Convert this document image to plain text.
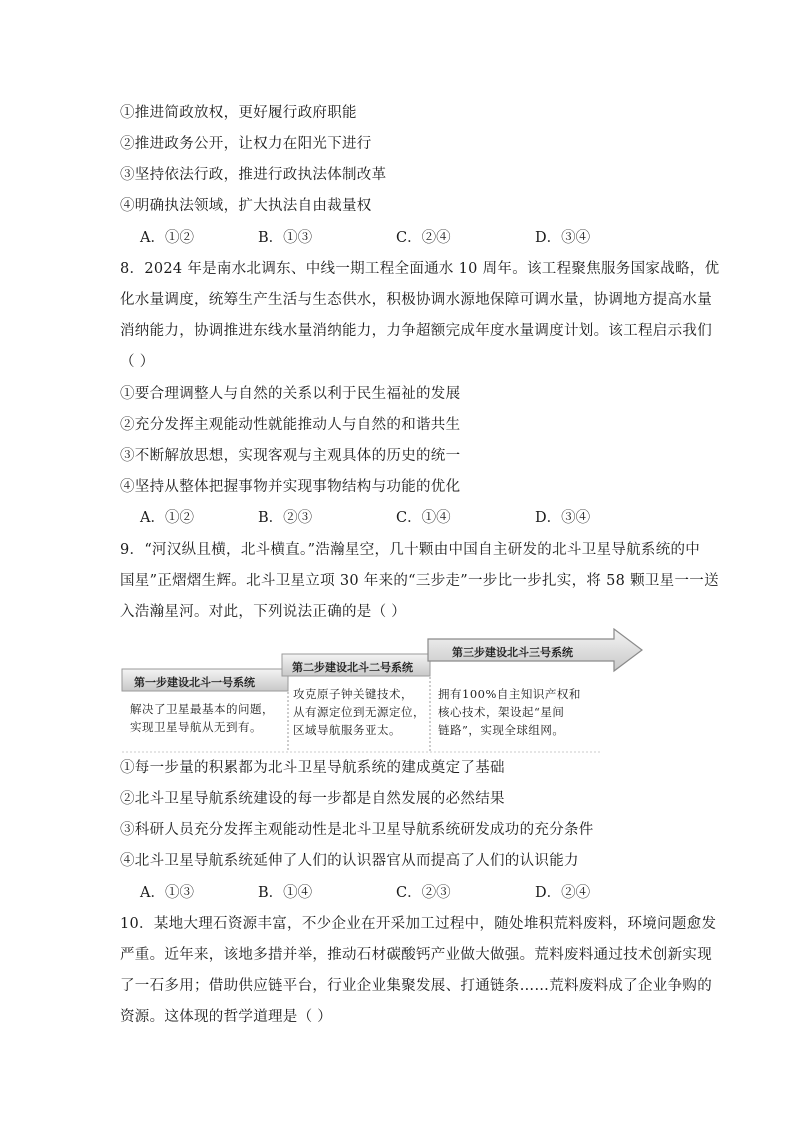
①推进简政放权，更好履行政府职能
②推进政务公开，让权力在阳光下进行
③坚持依法行政，推进行政执法体制改革
④明确执法领域，扩大执法自由裁量权
A．①②	B．①③	C．②④	D．③④
8．2024 年是南水北调东、中线一期工程全面通水 10 周年。该工程聚焦服务国家战略，优
化水量调度，统筹生产生活与生态供水，积极协调水源地保障可调水量，协调地方提高水量
消纳能力，协调推进东线水量消纳能力，力争超额完成年度水量调度计划。该工程启示我们
（ ）
①要合理调整人与自然的关系以利于民生福祉的发展
②充分发挥主观能动性就能推动人与自然的和谐共生
③不断解放思想，实现客观与主观具体的历史的统一
④坚持从整体把握事物并实现事物结构与功能的优化
A．①②	B．②③	C．①④	D．③④
9．“河汉纵且横，北斗横直。”浩瀚星空，几十颗由中国自主研发的北斗卫星导航系统的中
国星”正熠熠生辉。北斗卫星立项 30 年来的“三步走”一步比一步扎实，将 58 颗卫星一一送
入浩瀚星河。对此，下列说法正确的是（ ）
第一步建设北斗一号系统
第二步建设北斗二号系统
第三步建设北斗三号系统
解决了卫星最基本的问题，
实现卫星导航从无到有。
攻克原子钟关键技术，
从有源定位到无源定位，
区域导航服务亚太。
拥有100%自主知识产权和
核心技术，架设起“星间
链路”，实现全球组网。
①每一步量的积累都为北斗卫星导航系统的建成奠定了基础
②北斗卫星导航系统建设的每一步都是自然发展的必然结果
③科研人员充分发挥主观能动性是北斗卫星导航系统研发成功的充分条件
④北斗卫星导航系统延伸了人们的认识器官从而提高了人们的认识能力
A．①③	B．①④	C．②③	D．②④
10．某地大理石资源丰富，不少企业在开采加工过程中，随处堆积荒料废料，环境问题愈发
严重。近年来，该地多措并举，推动石材碳酸钙产业做大做强。荒料废料通过技术创新实现
了一石多用；借助供应链平台，行业企业集聚发展、打通链条……荒料废料成了企业争购的
资源。这体现的哲学道理是（ ）
